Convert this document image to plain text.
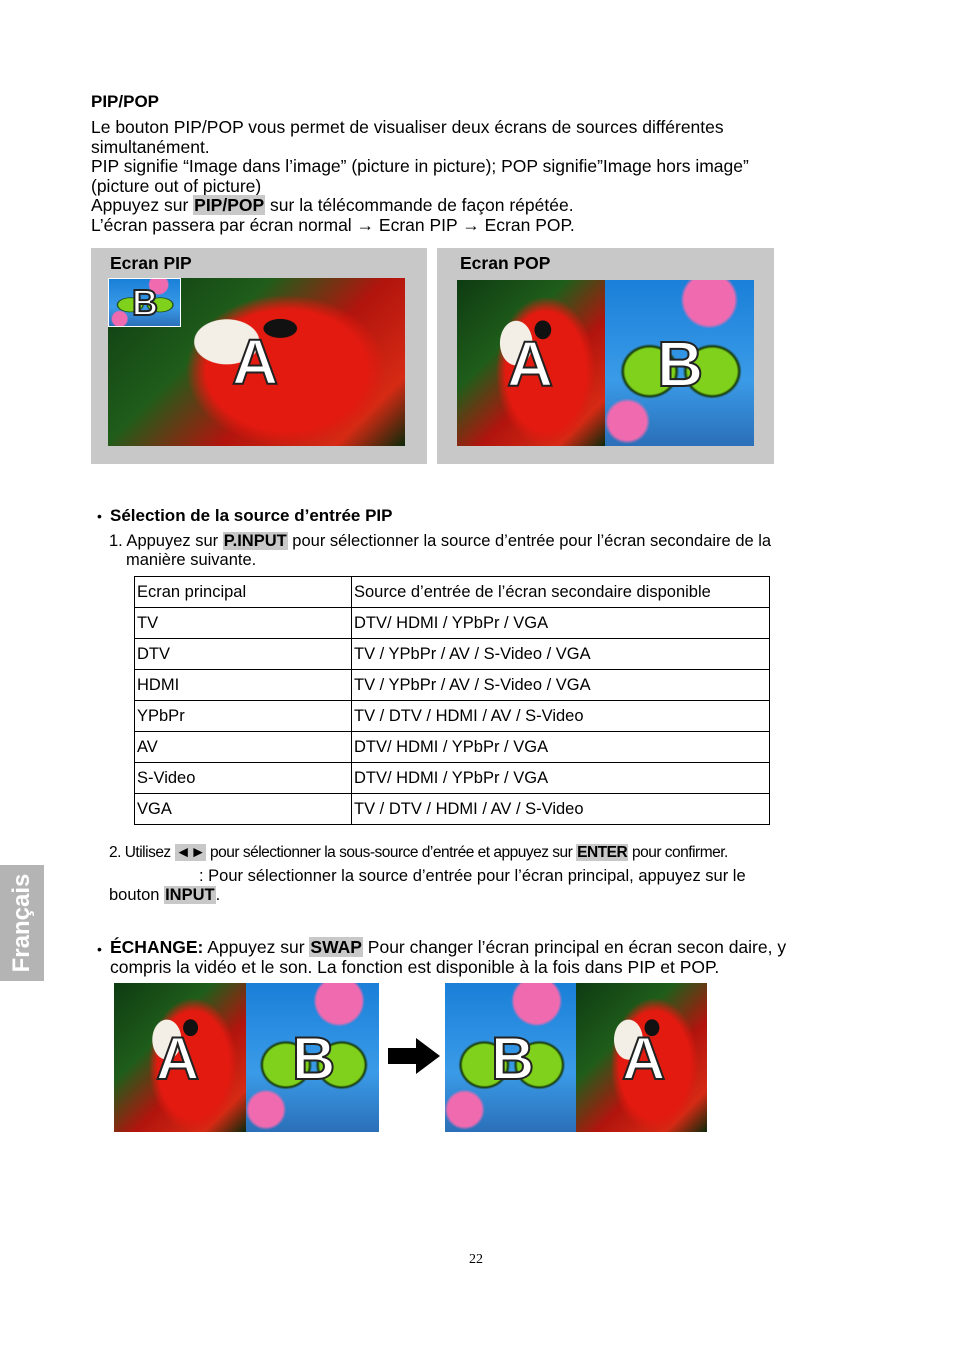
PIP/POP
Le bouton PIP/POP vous permet de visualiser deux écrans de sources différentes
simultanément.
PIP signifie “Image dans l’image” (picture in picture); POP signifie”Image hors image”
(picture out of picture)
Appuyez sur PIP/POP sur la télécommande de façon répétée.
L’écran passera par écran normal → Ecran PIP → Ecran POP.
Ecran PIP
A
B
Ecran POP
A B
• Sélection de la source d’entrée PIP
1. Appuyez sur P.INPUT pour sélectionner la source d’entrée pour l’écran secondaire de la
manière suivante.
Ecran principal	Source d’entrée de l’écran secondaire disponible
TV	DTV/ HDMI / YPbPr / VGA
DTV	TV / YPbPr / AV / S-Video / VGA
HDMI	TV / YPbPr / AV / S-Video / VGA
YPbPr	TV / DTV / HDMI / AV / S-Video
AV	DTV/ HDMI / YPbPr / VGA
S-Video	DTV/ HDMI / YPbPr / VGA
VGA	TV / DTV / HDMI / AV / S-Video
2. Utilisez ◄► pour sélectionner la sous-source d’entrée et appuyez sur ENTER pour confirmer.
: Pour sélectionner la source d’entrée pour l’écran principal, appuyez sur le
bouton INPUT.
Français	• ÉCHANGE: Appuyez sur SWAP Pour changer l’écran principal en écran secon daire, y
compris la vidéo et le son. La fonction est disponible à la fois dans PIP et POP.
A B	B A
22
